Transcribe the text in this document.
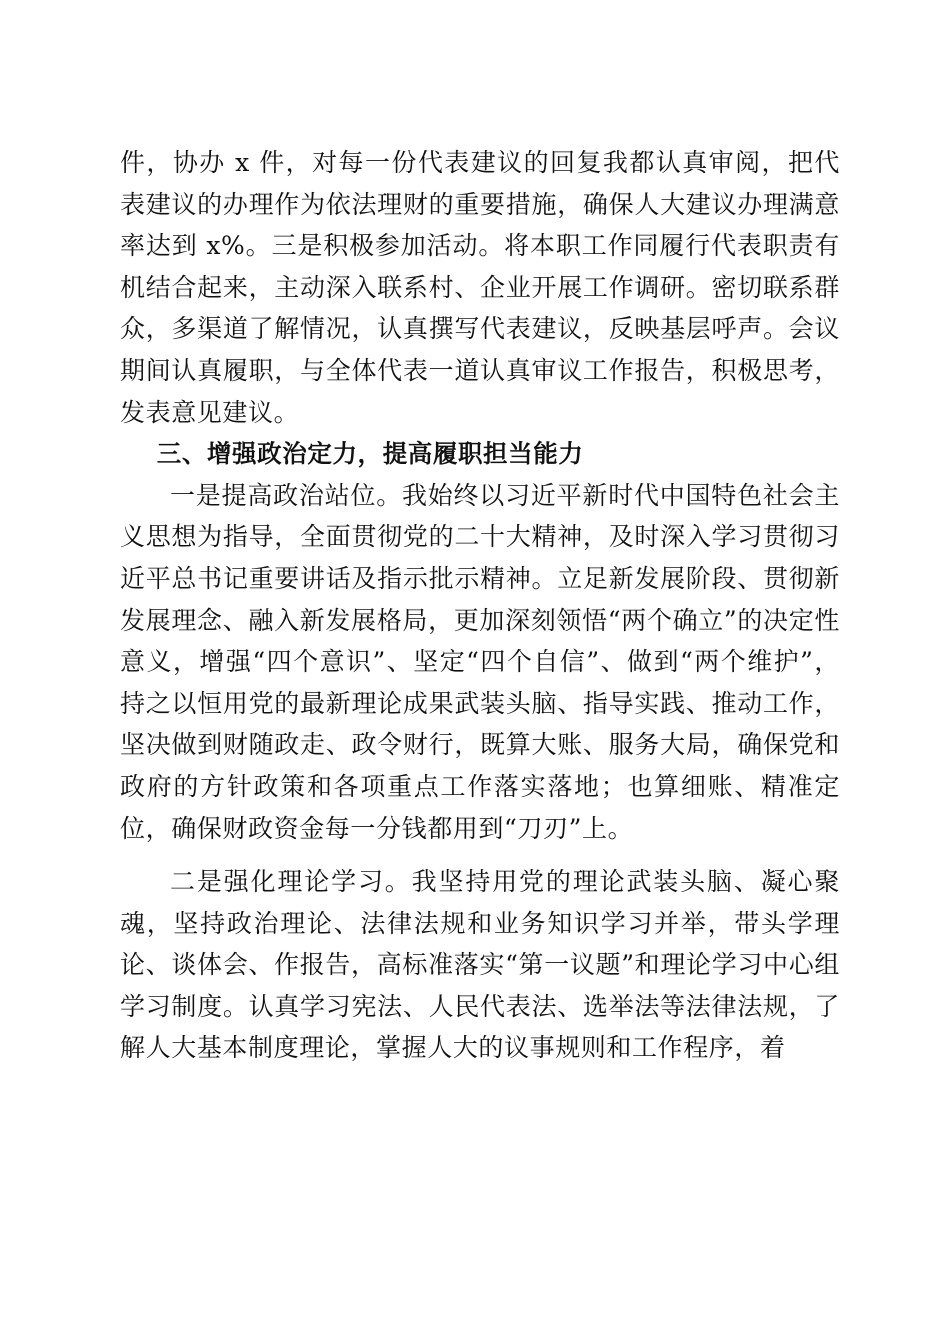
件，协办 x 件，对每一份代表建议的回复我都认真审阅，把代表建议的办理作为依法理财的重要措施，确保人大建议办理满意率达到 x%。三是积极参加活动。将本职工作同履行代表职责有机结合起来，主动深入联系村、企业开展工作调研。密切联系群众，多渠道了解情况，认真撰写代表建议，反映基层呼声。会议期间认真履职，与全体代表一道认真审议工作报告，积极思考，发表意见建议。

三、增强政治定力，提高履职担当能力

一是提高政治站位。我始终以习近平新时代中国特色社会主义思想为指导，全面贯彻党的二十大精神，及时深入学习贯彻习近平总书记重要讲话及指示批示精神。立足新发展阶段、贯彻新发展理念、融入新发展格局，更加深刻领悟“两个确立”的决定性意义，增强“四个意识”、坚定“四个自信”、做到“两个维护”，持之以恒用党的最新理论成果武装头脑、指导实践、推动工作，坚决做到财随政走、政令财行，既算大账、服务大局，确保党和政府的方针政策和各项重点工作落实落地；也算细账、精准定位，确保财政资金每一分钱都用到“刀刃”上。

二是强化理论学习。我坚持用党的理论武装头脑、凝心聚魂，坚持政治理论、法律法规和业务知识学习并举，带头学理论、谈体会、作报告，高标准落实“第一议题”和理论学习中心组学习制度。认真学习宪法、人民代表法、选举法等法律法规，了解人大基本制度理论，掌握人大的议事规则和工作程序，着
